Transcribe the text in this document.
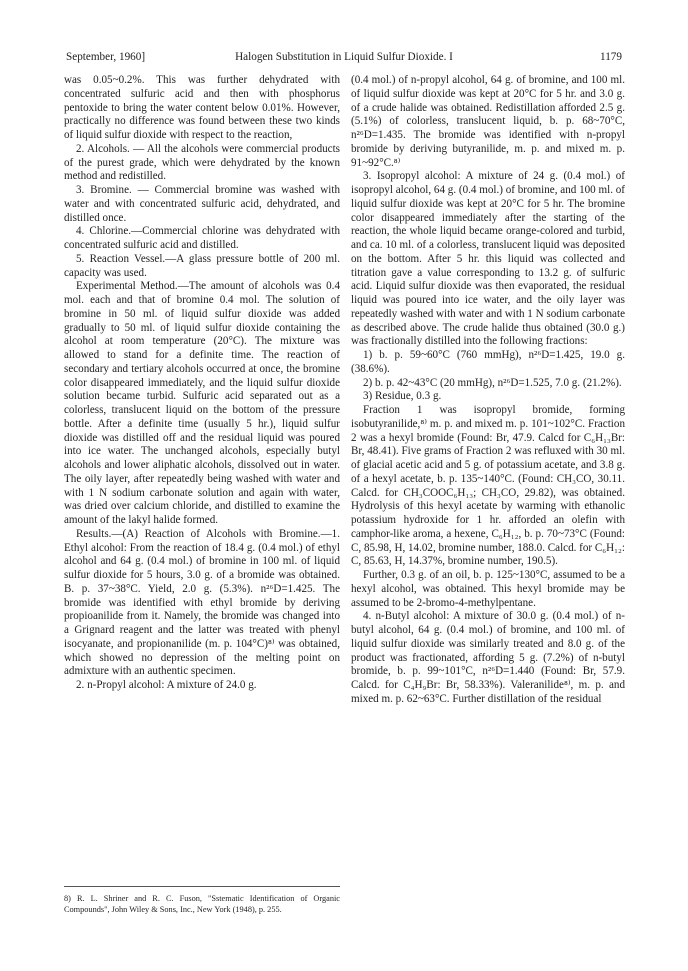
September, 1960]	Halogen Substitution in Liquid Sulfur Dioxide. I	1179

was 0.05~0.2%. This was further dehydrated with concentrated sulfuric acid and then with phosphorus pentoxide to bring the water content below 0.01%. However, practically no difference was found between these two kinds of liquid sulfur dioxide with respect to the reaction,

2. Alcohols. — All the alcohols were commercial products of the purest grade, which were dehydrated by the known method and redistilled.

3. Bromine. — Commercial bromine was washed with water and with concentrated sulfuric acid, dehydrated, and distilled once.

4. Chlorine.—Commercial chlorine was dehydrated with concentrated sulfuric acid and distilled.

5. Reaction Vessel.—A glass pressure bottle of 200 ml. capacity was used.

Experimental Method.—The amount of alcohols was 0.4 mol. each and that of bromine 0.4 mol. The solution of bromine in 50 ml. of liquid sulfur dioxide was added gradually to 50 ml. of liquid sulfur dioxide containing the alcohol at room temperature (20°C). The mixture was allowed to stand for a definite time. The reaction of secondary and tertiary alcohols occurred at once, the bromine color disappeared immediately, and the liquid sulfur dioxide solution became turbid. Sulfuric acid separated out as a colorless, translucent liquid on the bottom of the pressure bottle. After a definite time (usually 5 hr.), liquid sulfur dioxide was distilled off and the residual liquid was poured into ice water. The unchanged alcohols, especially butyl alcohols and lower aliphatic alcohols, dissolved out in water. The oily layer, after repeatedly being washed with water and with 1 N sodium carbonate solution and again with water, was dried over calcium chloride, and distilled to examine the amount of the lakyl halide formed.

Results.—(A) Reaction of Alcohols with Bromine.—1. Ethyl alcohol: From the reaction of 18.4 g. (0.4 mol.) of ethyl alcohol and 64 g. (0.4 mol.) of bromine in 100 ml. of liquid sulfur dioxide for 5 hours, 3.0 g. of a bromide was obtained. B. p. 37~38°C. Yield, 2.0 g. (5.3%). n²⁶D=1.425. The bromide was identified with ethyl bromide by deriving propioanilide from it. Namely, the bromide was changed into a Grignard reagent and the latter was treated with phenyl isocyanate, and propionanilide (m. p. 104°C)⁸⁾ was obtained, which showed no depression of the melting point on admixture with an authentic specimen.

2. n-Propyl alcohol: A mixture of 24.0 g.

8) R. L. Shriner and R. C. Fuson, "Sstematic Identification of Organic Compounds", John Wiley & Sons, Inc., New York (1948), p. 255.

(0.4 mol.) of n-propyl alcohol, 64 g. of bromine, and 100 ml. of liquid sulfur dioxide was kept at 20°C for 5 hr. and 3.0 g. of a crude halide was obtained. Redistillation afforded 2.5 g. (5.1%) of colorless, translucent liquid, b. p. 68~70°C, n²⁶D=1.435. The bromide was identified with n-propyl bromide by deriving butyranilide, m. p. and mixed m. p. 91~92°C.⁸⁾

3. Isopropyl alcohol: A mixture of 24 g. (0.4 mol.) of isopropyl alcohol, 64 g. (0.4 mol.) of bromine, and 100 ml. of liquid sulfur dioxide was kept at 20°C for 5 hr. The bromine color disappeared immediately after the starting of the reaction, the whole liquid became orange-colored and turbid, and ca. 10 ml. of a colorless, translucent liquid was deposited on the bottom. After 5 hr. this liquid was collected and titration gave a value corresponding to 13.2 g. of sulfuric acid. Liquid sulfur dioxide was then evaporated, the residual liquid was poured into ice water, and the oily layer was repeatedly washed with water and with 1 N sodium carbonate as described above. The crude halide thus obtained (30.0 g.) was fractionally distilled into the following fractions:

1) b. p. 59~60°C (760 mmHg), n²⁶D=1.425, 19.0 g. (38.6%).

2) b. p. 42~43°C (20 mmHg), n²⁶D=1.525, 7.0 g. (21.2%).

3) Residue, 0.3 g.

Fraction 1 was isopropyl bromide, forming isobutyranilide,⁸⁾ m. p. and mixed m. p. 101~102°C. Fraction 2 was a hexyl bromide (Found: Br, 47.9. Calcd for C₆H₁₃Br: Br, 48.41). Five grams of Fraction 2 was refluxed with 30 ml. of glacial acetic acid and 5 g. of potassium acetate, and 3.8 g. of a hexyl acetate, b. p. 135~140°C. (Found: CH₃CO, 30.11. Calcd. for CH₃COOC₆H₁₃; CH₃CO, 29.82), was obtained. Hydrolysis of this hexyl acetate by warming with ethanolic potassium hydroxide for 1 hr. afforded an olefin with camphor-like aroma, a hexene, C₆H₁₂, b. p. 70~73°C (Found: C, 85.98, H, 14.02, bromine number, 188.0. Calcd. for C₆H₁₂: C, 85.63, H, 14.37%, bromine number, 190.5).

Further, 0.3 g. of an oil, b. p. 125~130°C, assumed to be a hexyl alcohol, was obtained. This hexyl bromide may be assumed to be 2-bromo-4-methylpentane.

4. n-Butyl alcohol: A mixture of 30.0 g. (0.4 mol.) of n-butyl alcohol, 64 g. (0.4 mol.) of bromine, and 100 ml. of liquid sulfur dioxide was similarly treated and 8.0 g. of the product was fractionated, affording 5 g. (7.2%) of n-butyl bromide, b. p. 99~101°C, n²⁶D=1.440 (Found: Br, 57.9. Calcd. for C₄H₉Br: Br, 58.33%). Valeranilide⁸⁾, m. p. and mixed m. p. 62~63°C. Further distillation of the residual
